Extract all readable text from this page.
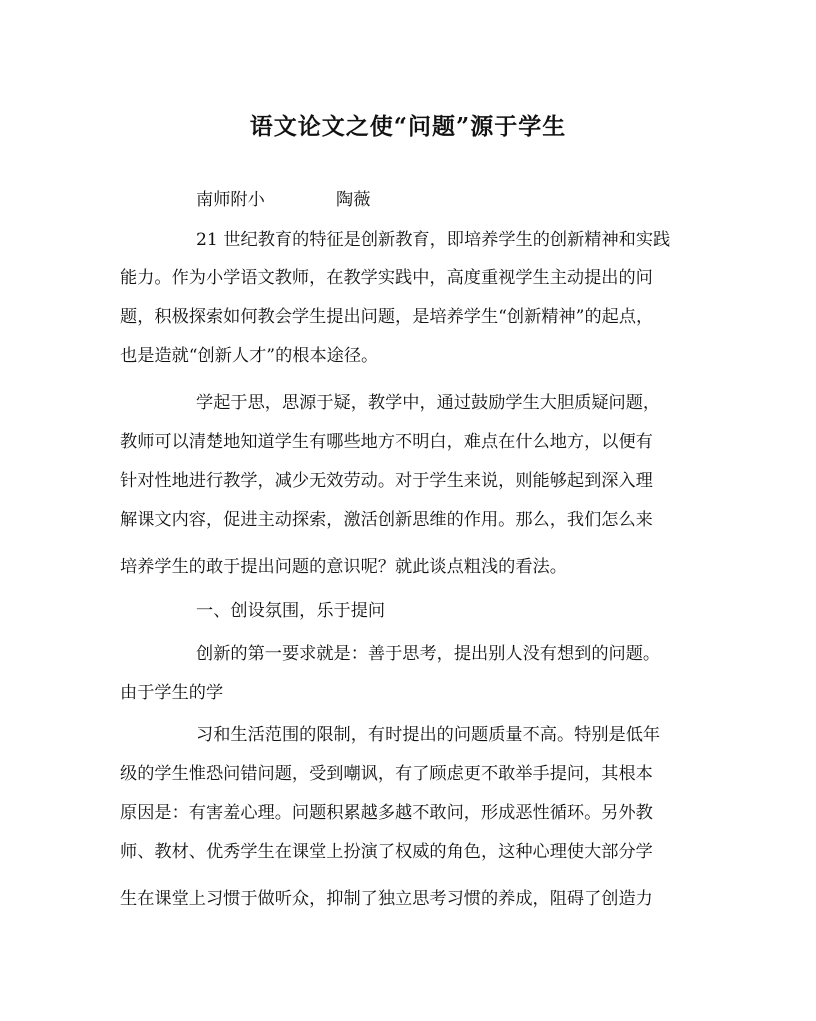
语文论文之使“问题”源于学生

南师附小	陶薇

21 世纪教育的特征是创新教育，即培养学生的创新精神和实践

能力。作为小学语文教师，在教学实践中，高度重视学生主动提出的问

题，积极探索如何教会学生提出问题，是培养学生“创新精神”的起点，

也是造就“创新人才”的根本途径。

学起于思，思源于疑，教学中，通过鼓励学生大胆质疑问题，

教师可以清楚地知道学生有哪些地方不明白，难点在什么地方，以便有

针对性地进行教学，减少无效劳动。对于学生来说，则能够起到深入理

解课文内容，促进主动探索，激活创新思维的作用。那么，我们怎么来

培养学生的敢于提出问题的意识呢？就此谈点粗浅的看法。

一、创设氛围，乐于提问

创新的第一要求就是：善于思考，提出别人没有想到的问题。

由于学生的学

习和生活范围的限制，有时提出的问题质量不高。特别是低年

级的学生惟恐问错问题，受到嘲讽，有了顾虑更不敢举手提问，其根本

原因是：有害羞心理。问题积累越多越不敢问，形成恶性循环。另外教

师、教材、优秀学生在课堂上扮演了权威的角色，这种心理使大部分学

生在课堂上习惯于做听众，抑制了独立思考习惯的养成，阻碍了创造力
